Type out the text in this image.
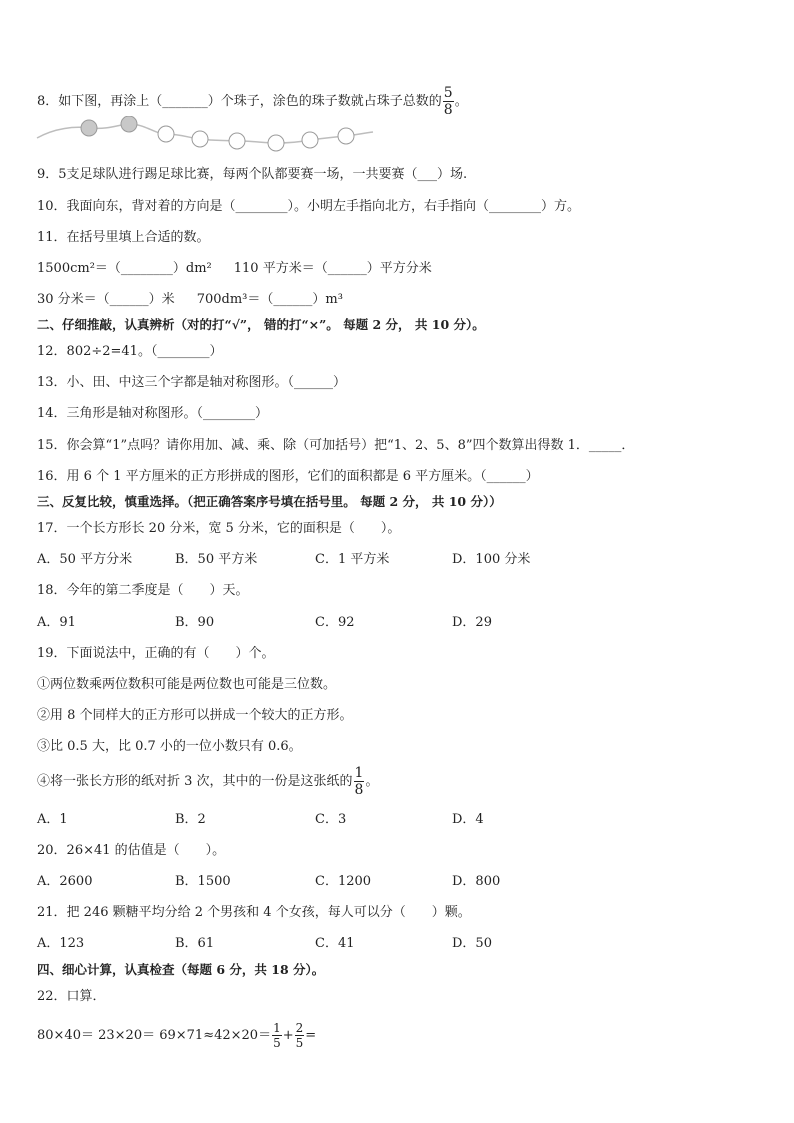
8．如下图，再涂上（_______）个珠子，涂色的珠子数就占珠子总数的 $\frac{5}{8}$ 。
9．5支足球队进行踢足球比赛，每两个队都要赛一场，一共要赛（___）场.
10．我面向东，背对着的方向是（________）。小明左手指向北方，右手指向（________）方。
11．在括号里填上合适的数。
1500cm²＝（________）dm² 110 平方米＝（______）平方分米
30 分米＝（______）米 700dm³＝（______）m³
二、仔细推敲，认真辨析（对的打“√”， 错的打“×”。 每题 2 分， 共 10 分）。
12．802÷2=41。（________）
13．小、田、中这三个字都是轴对称图形。（______）
14．三角形是轴对称图形。（________）
15．你会算“1”点吗？请你用加、减、乘、除（可加括号）把“1、2、5、8”四个数算出得数 1．_____．
16．用 6 个 1 平方厘米的正方形拼成的图形，它们的面积都是 6 平方厘米。（______）
三、反复比较，慎重选择。（把正确答案序号填在括号里。 每题 2 分， 共 10 分））
17．一个长方形长 20 分米，宽 5 分米，它的面积是（　　）。
A．50 平方分米	B．50 平方米	C．1 平方米	D．100 分米
18．今年的第二季度是（　　）天。
A．91	B．90	C．92	D．29
19．下面说法中，正确的有（　　）个。
①两位数乘两位数积可能是两位数也可能是三位数。
②用 8 个同样大的正方形可以拼成一个较大的正方形。
③比 0.5 大，比 0.7 小的一位小数只有 0.6。
④将一张长方形的纸对折 3 次，其中的一份是这张纸的 $\frac{1}{8}$ 。
A．1	B．2	C．3	D．4
20．26×41 的估值是（　　）。
A．2600	B．1500	C．1200	D．800
21．把 246 颗糖平均分给 2 个男孩和 4 个女孩，每人可以分（　　）颗。
A．123	B．61	C．41	D．50
四、细心计算，认真检查（每题 6 分，共 18 分）。
22．口算．
$80\times 40= 23\times 20= 69\times 71\approx 42\times 20= \frac{1}{5} + \frac{2}{5}$ =
